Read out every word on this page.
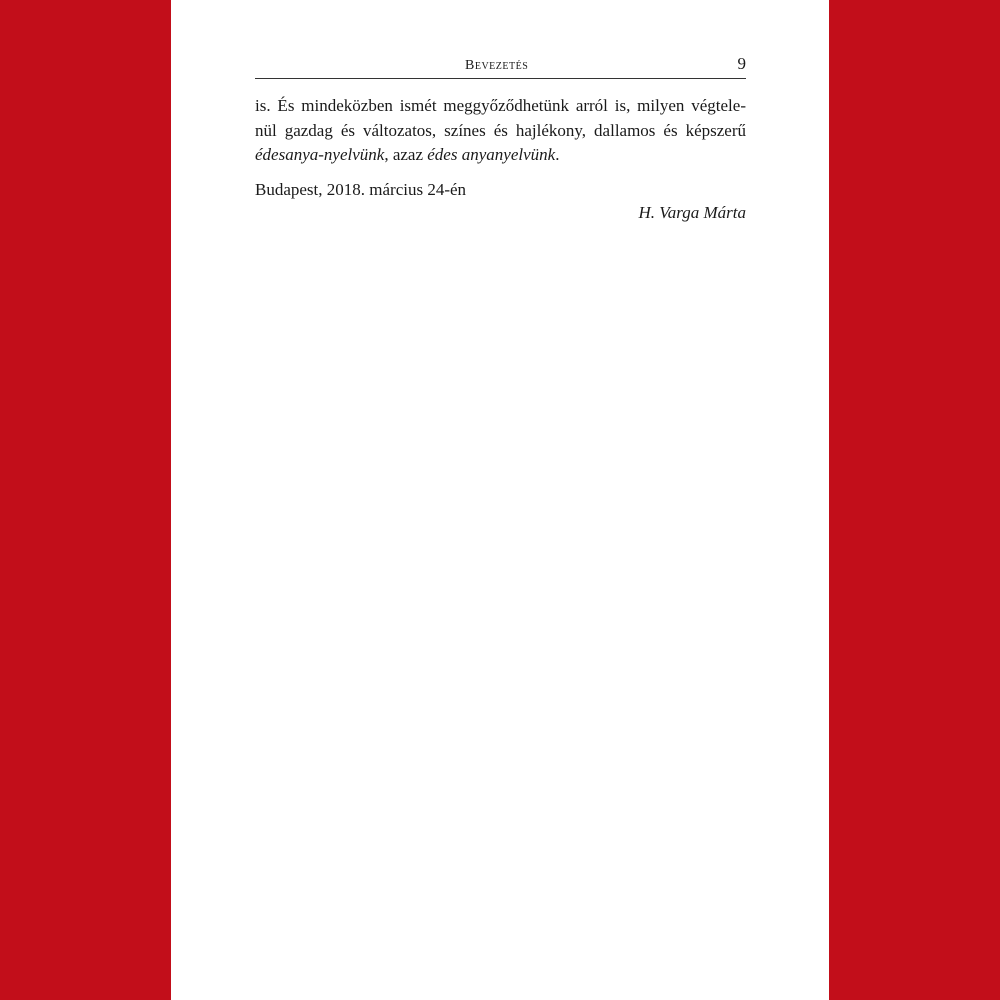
Bevezetés	9
is. És mindeközben ismét meggyőződhetünk arról is, milyen végtele-
nül gazdag és változatos, színes és hajlékony, dallamos és képszerű
édesanya-nyelvünk, azaz édes anyanyelvünk.
Budapest, 2018. március 24-én
H. Varga Márta
